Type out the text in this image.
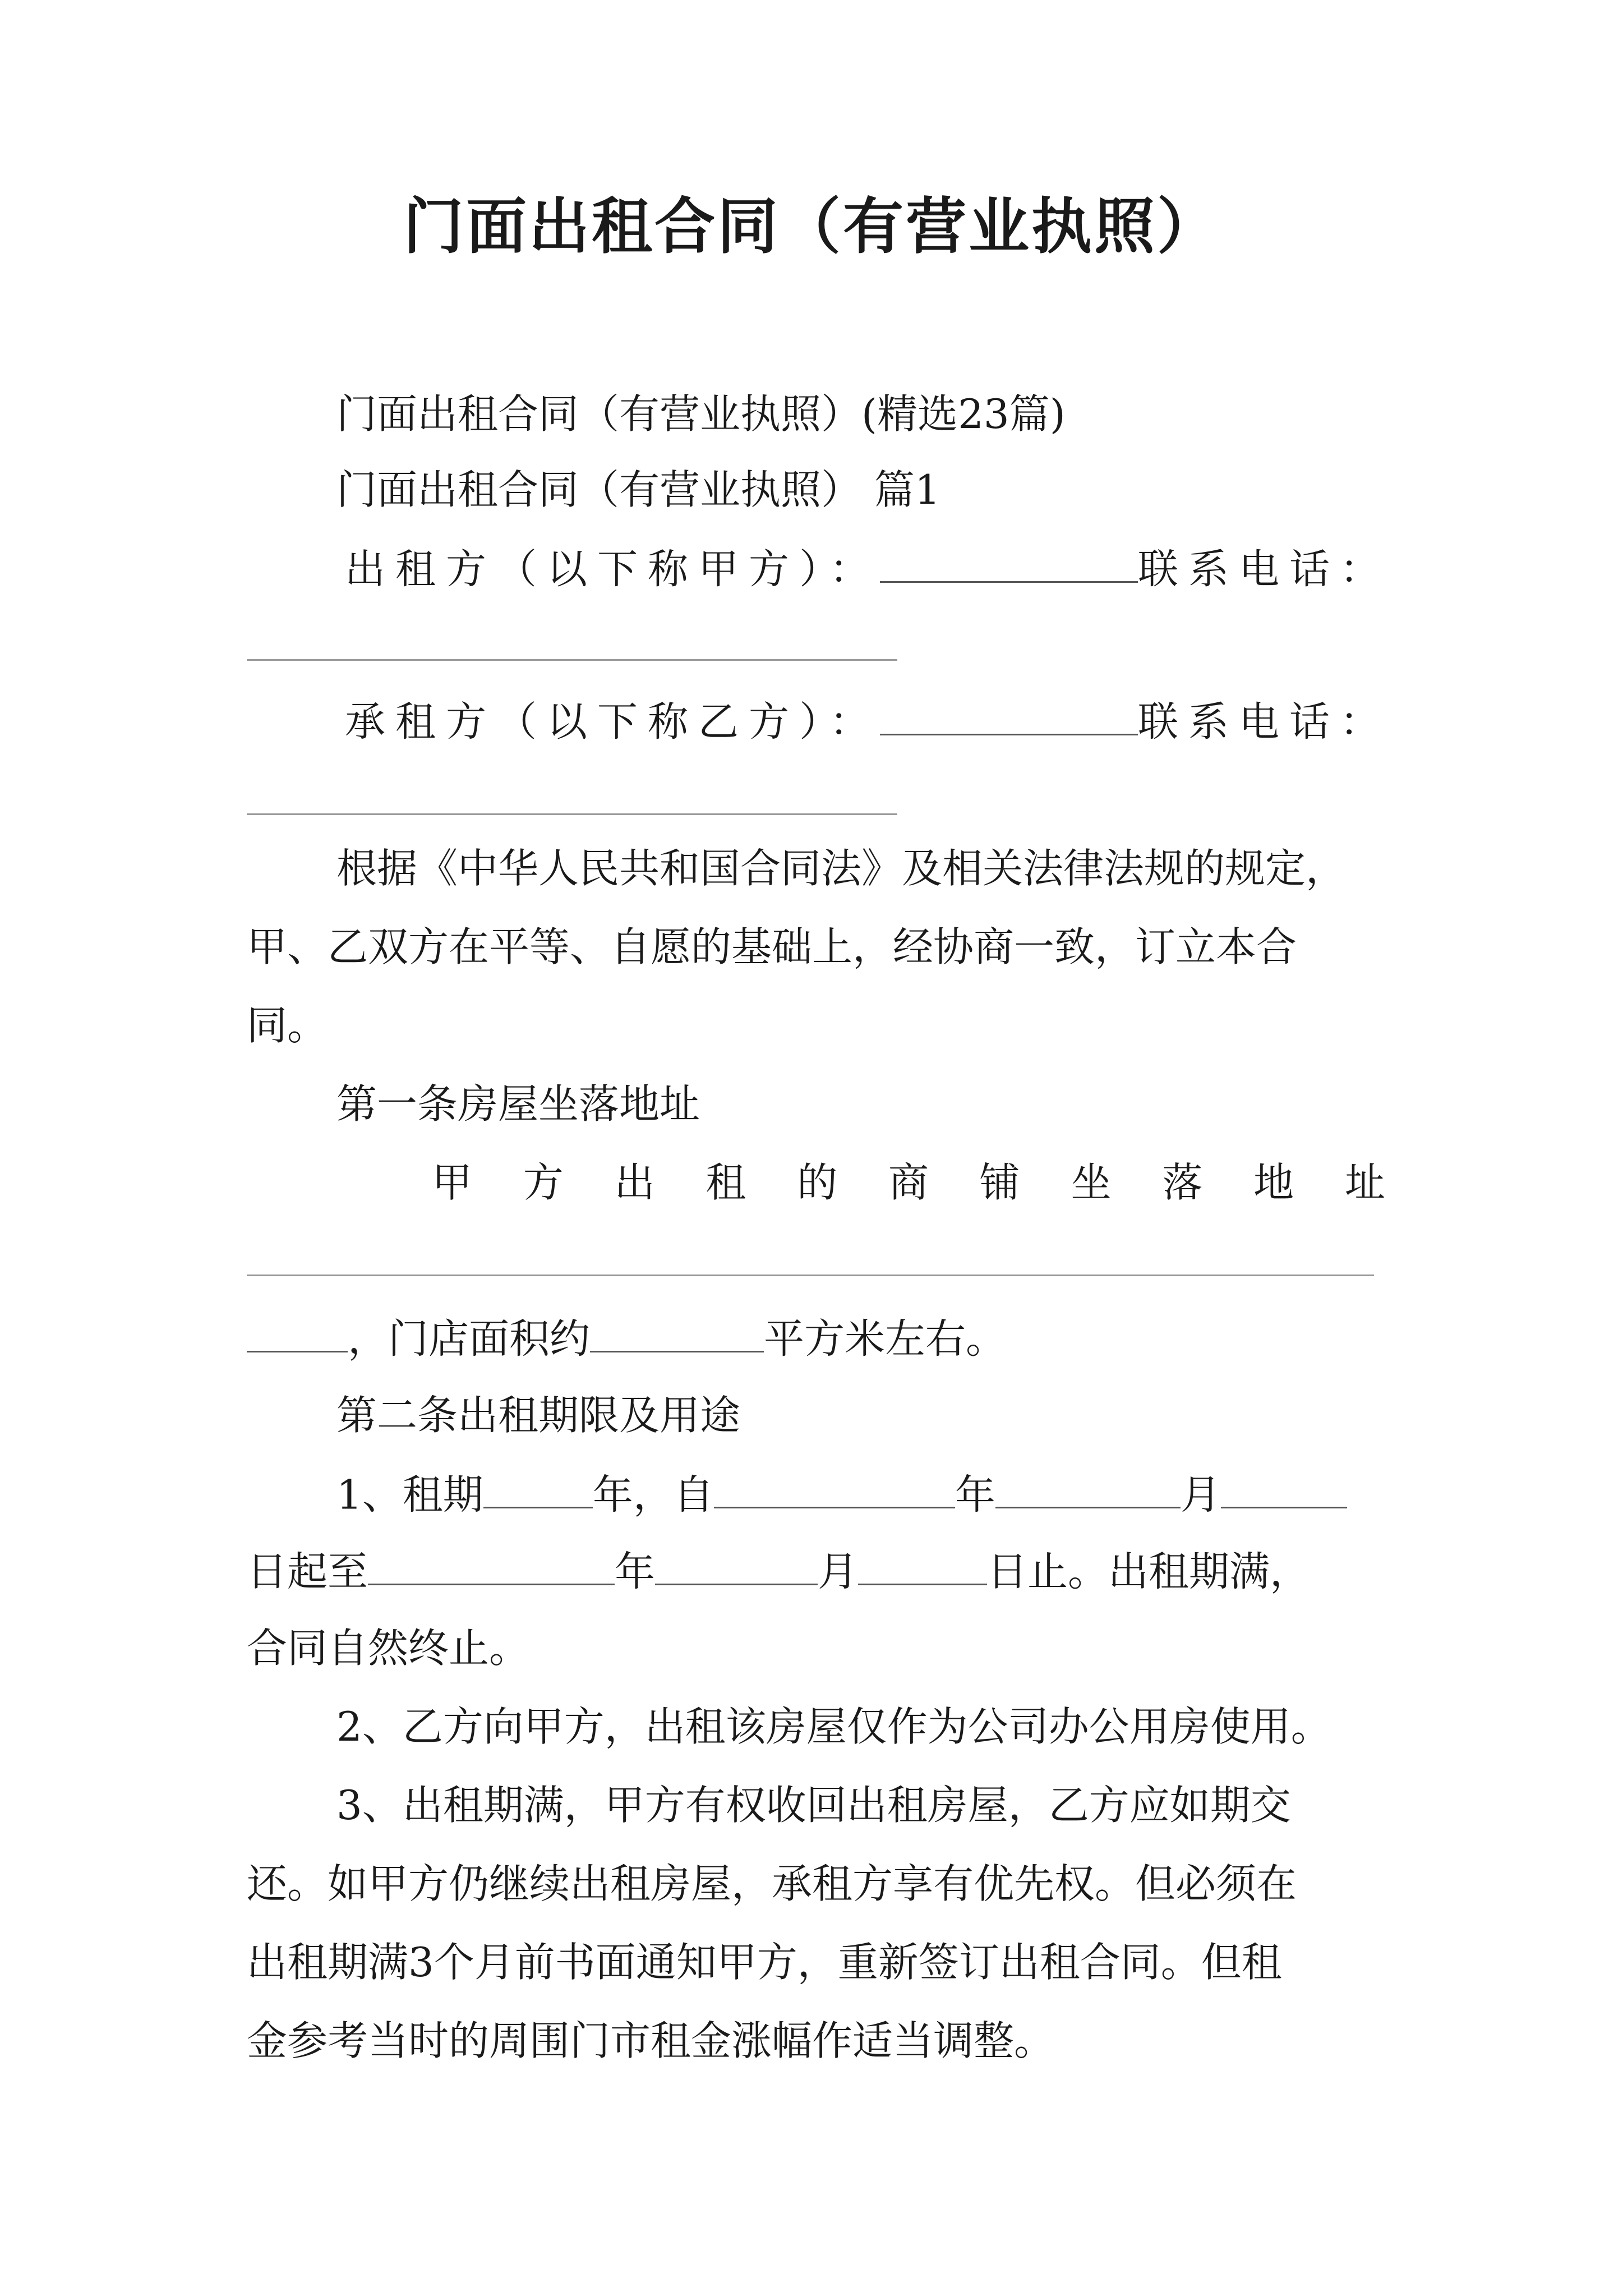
门面出租合同（有营业执照）
门面出租合同（有营业执照）(精选23篇)
门面出租合同（有营业执照） 篇1
出租方（以下称甲方）：	联系电话：
承租方（以下称乙方）：	联系电话：
根据《中华人民共和国合同法》及相关法律法规的规定，
甲、乙双方在平等、自愿的基础上，经协商一致，订立本合
同。
第一条房屋坐落地址
甲 方 出 租 的 商 铺 坐 落 地 址
，门店面积约	平方米左右。
第二条出租期限及用途
1、租期	年，自	年	月
日起至	年	月	日止。出租期满，
合同自然终止。
2、乙方向甲方，出租该房屋仅作为公司办公用房使用。
3、出租期满，甲方有权收回出租房屋，乙方应如期交
还。如甲方仍继续出租房屋，承租方享有优先权。但必须在
出租期满3个月前书面通知甲方，重新签订出租合同。但租
金参考当时的周围门市租金涨幅作适当调整。
